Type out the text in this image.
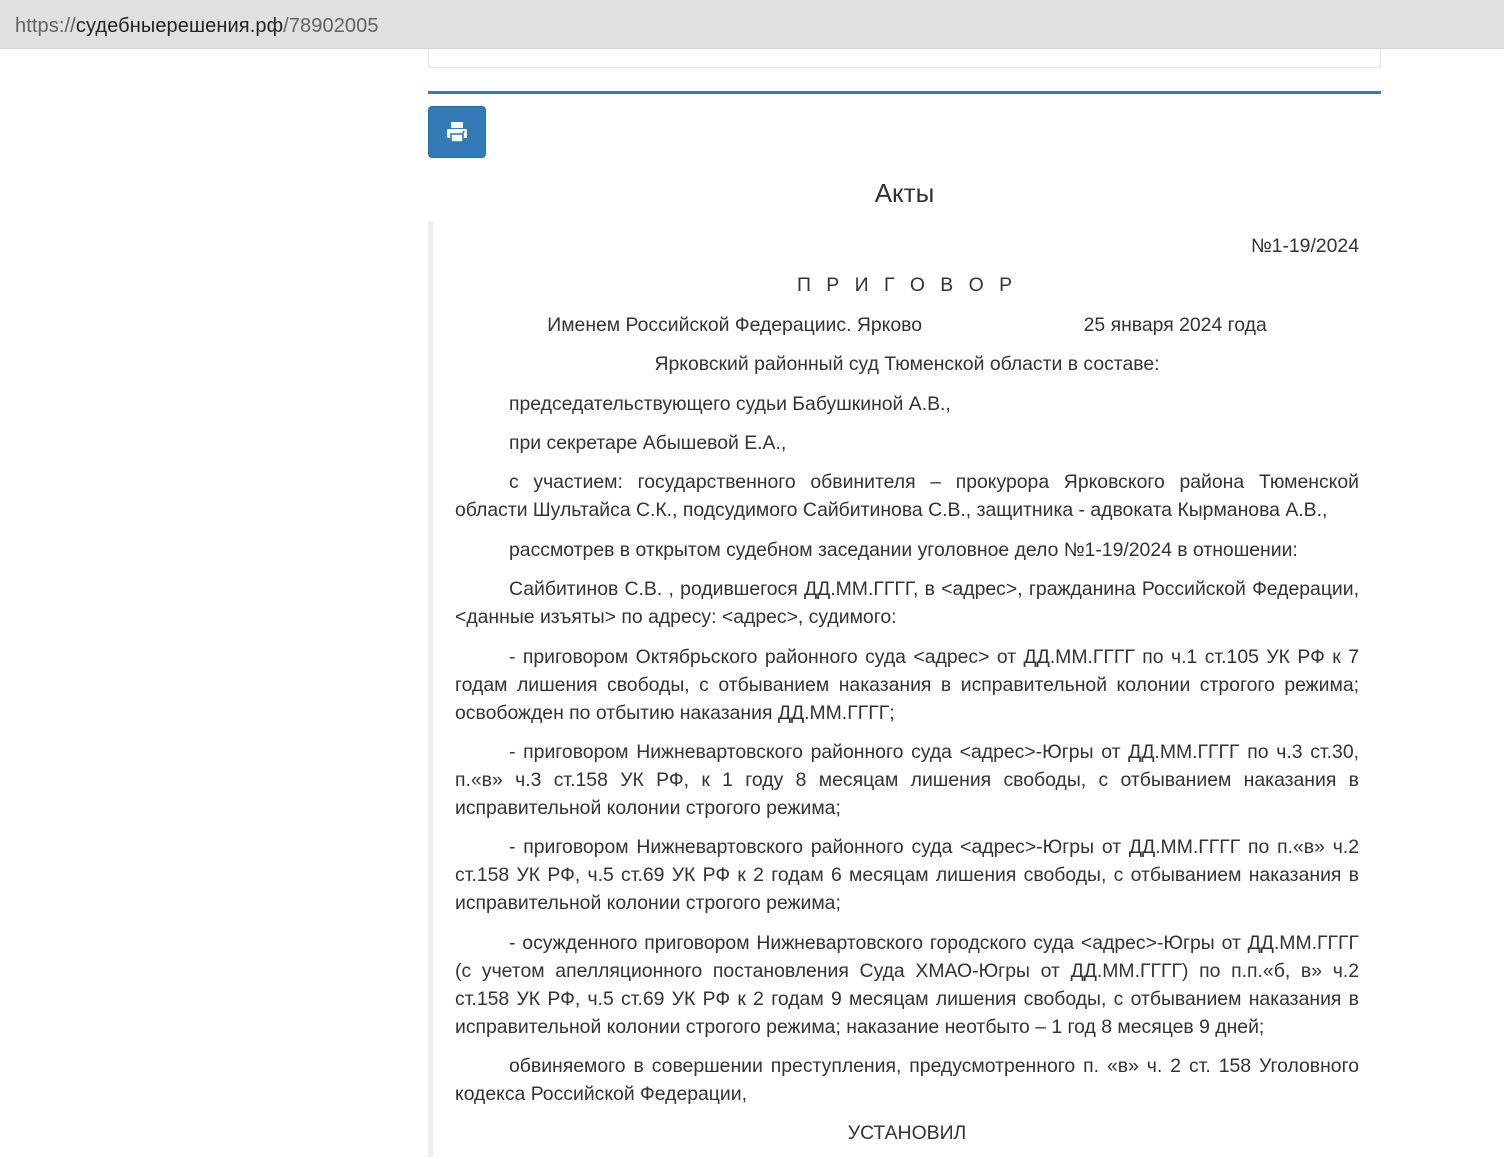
https://судебныерешения.рф/78902005
Акты

№1-19/2024

П Р И Г О В О Р

Именем Российской Федерациис. Ярково                              25 января 2024 года

Ярковский районный суд Тюменской области в составе:

председательствующего судьи Бабушкиной А.В.,

при секретаре Абышевой Е.А.,

с участием: государственного обвинителя – прокурора Ярковского района Тюменской области Шультайса С.К., подсудимого Сайбитинова С.В., защитника - адвоката Кырманова А.В.,

рассмотрев в открытом судебном заседании уголовное дело №1-19/2024 в отношении:

Сайбитинов С.В. , родившегося ДД.ММ.ГГГГ, в <адрес>, гражданина Российской Федерации, <данные изъяты> по адресу: <адрес>, судимого:

- приговором Октябрьского районного суда <адрес> от ДД.ММ.ГГГГ по ч.1 ст.105 УК РФ к 7 годам лишения свободы, с отбыванием наказания в исправительной колонии строгого режима; освобожден по отбытию наказания ДД.ММ.ГГГГ;

- приговором Нижневартовского районного суда <адрес>-Югры от ДД.ММ.ГГГГ по ч.3 ст.30, п.«в» ч.3 ст.158 УК РФ, к 1 году 8 месяцам лишения свободы, с отбыванием наказания в исправительной колонии строгого режима;

- приговором Нижневартовского районного суда <адрес>-Югры от ДД.ММ.ГГГГ по п.«в» ч.2 ст.158 УК РФ, ч.5 ст.69 УК РФ к 2 годам 6 месяцам лишения свободы, с отбыванием наказания в исправительной колонии строгого режима;

- осужденного приговором Нижневартовского городского суда <адрес>-Югры от ДД.ММ.ГГГГ (с учетом апелляционного постановления Суда ХМАО-Югры от ДД.ММ.ГГГГ) по п.п.«б, в» ч.2 ст.158 УК РФ, ч.5 ст.69 УК РФ к 2 годам 9 месяцам лишения свободы, с отбыванием наказания в исправительной колонии строгого режима; наказание неотбыто – 1 год 8 месяцев 9 дней;

обвиняемого в совершении преступления, предусмотренного п. «в» ч. 2 ст. 158 Уголовного кодекса Российской Федерации,

УСТАНОВИЛ
